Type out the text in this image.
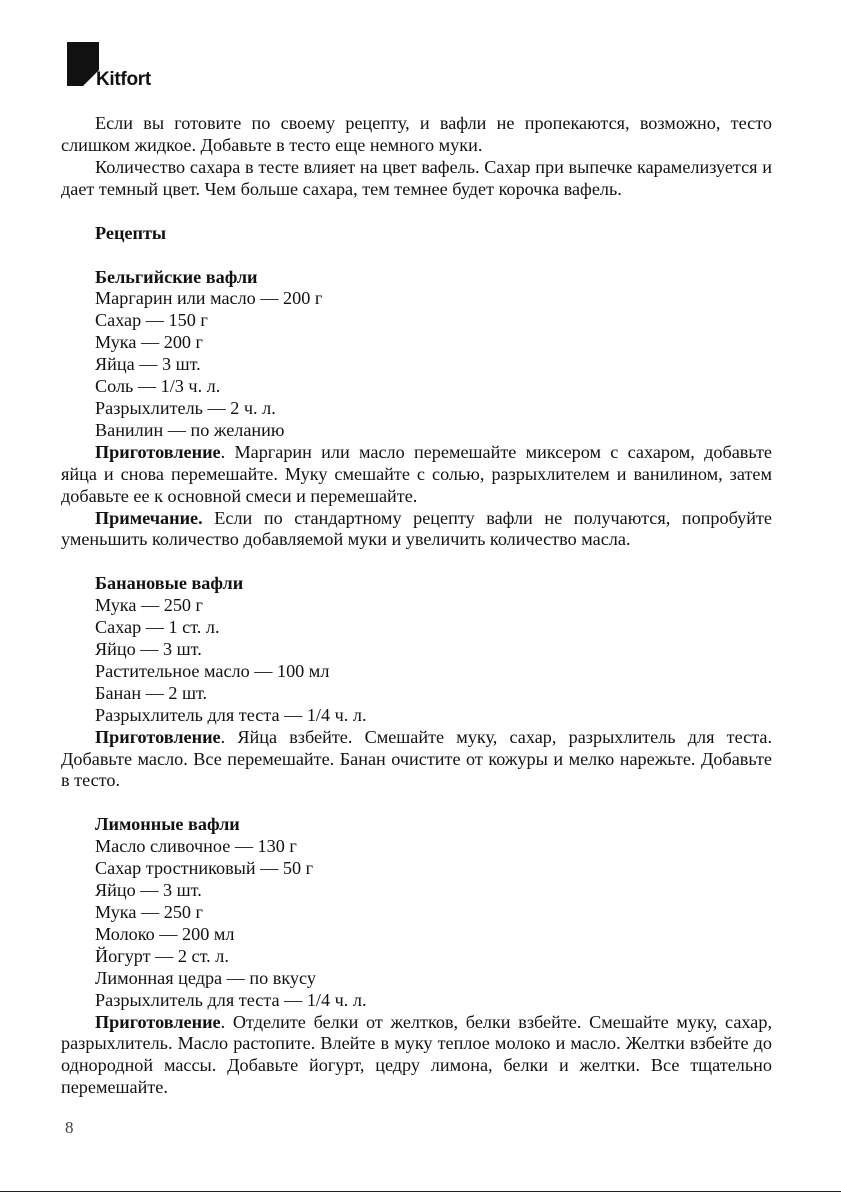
Kitfort

Если вы готовите по своему рецепту, и вафли не пропекаются, возможно, тесто слишком жидкое. Добавьте в тесто еще немного муки.

Количество сахара в тесте влияет на цвет вафель. Сахар при выпечке карамелизуется и дает темный цвет. Чем больше сахара, тем темнее будет корочка вафель.

Рецепты

Бельгийские вафли

Маргарин или масло — 200 г

Сахар — 150 г

Мука — 200 г

Яйца — 3 шт.

Соль — 1/3 ч. л.

Разрыхлитель — 2 ч. л.

Ванилин — по желанию

Приготовление. Маргарин или масло перемешайте миксером с сахаром, добавьте яйца и снова перемешайте. Муку смешайте с солью, разрыхлителем и ванилином, затем добавьте ее к основной смеси и перемешайте.

Примечание. Если по стандартному рецепту вафли не получаются, попробуйте уменьшить количество добавляемой муки и увеличить количество масла.

Банановые вафли

Мука — 250 г

Сахар — 1 ст. л.

Яйцо — 3 шт.

Растительное масло — 100 мл

Банан — 2 шт.

Разрыхлитель для теста — 1/4 ч. л.

Приготовление. Яйца взбейте. Смешайте муку, сахар, разрыхлитель для теста. Добавьте масло. Все перемешайте. Банан очистите от кожуры и мелко нарежьте. Добавьте в тесто.

Лимонные вафли

Масло сливочное — 130 г

Сахар тростниковый — 50 г

Яйцо — 3 шт.

Мука — 250 г

Молоко — 200 мл

Йогурт — 2 ст. л.

Лимонная цедра — по вкусу

Разрыхлитель для теста — 1/4 ч. л.

Приготовление. Отделите белки от желтков, белки взбейте. Смешайте муку, сахар, разрыхлитель. Масло растопите. Влейте в муку теплое молоко и масло. Желтки взбейте до однородной массы. Добавьте йогурт, цедру лимона, белки и желтки. Все тщательно перемешайте.

8
